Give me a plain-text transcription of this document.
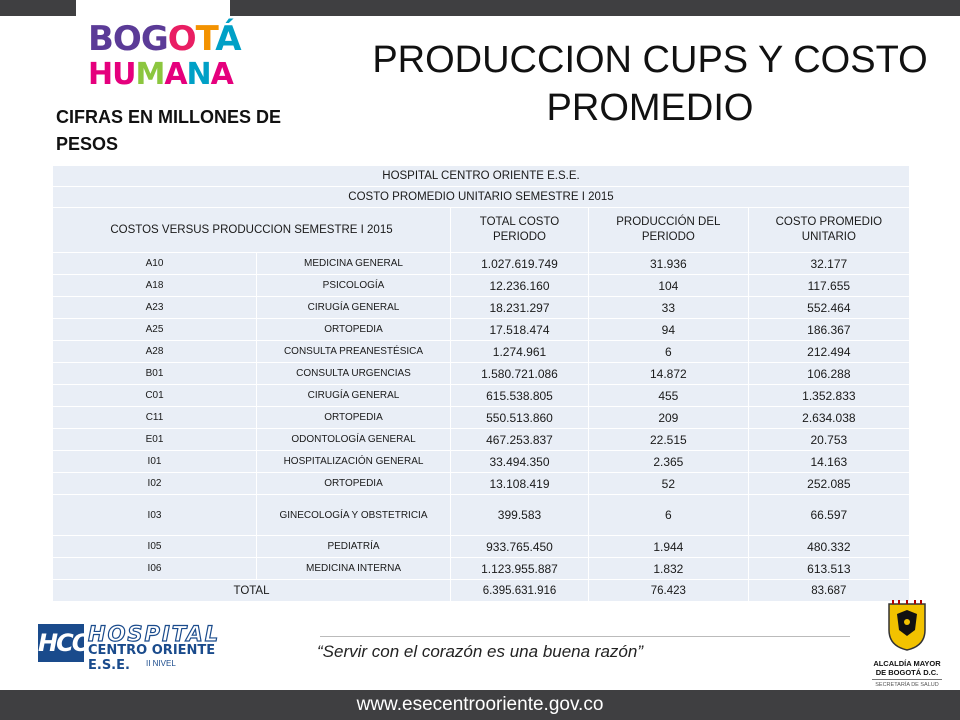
BOGOTÁ
HUMANA	PRODUCCION CUPS Y COSTO PROMEDIO
CIFRAS EN MILLONES DE PESOS
HOSPITAL CENTRO ORIENTE E.S.E.				
COSTO PROMEDIO UNITARIO SEMESTRE I 2015				
COSTOS VERSUS PRODUCCION SEMESTRE I 2015		TOTAL COSTO PERIODO	PRODUCCIÓN DEL PERIODO	COSTO PROMEDIO UNITARIO
A10	MEDICINA GENERAL	1.027.619.749	31.936	32.177
A18	PSICOLOGÍA	12.236.160	104	117.655
A23	CIRUGÍA GENERAL	18.231.297	33	552.464
A25	ORTOPEDIA	17.518.474	94	186.367
A28	CONSULTA PREANESTÉSICA	1.274.961	6	212.494
B01	CONSULTA URGENCIAS	1.580.721.086	14.872	106.288
C01	CIRUGÍA GENERAL	615.538.805	455	1.352.833
C11	ORTOPEDIA	550.513.860	209	2.634.038
E01	ODONTOLOGÍA GENERAL	467.253.837	22.515	20.753
I01	HOSPITALIZACIÓN GENERAL	33.494.350	2.365	14.163
I02	ORTOPEDIA	13.108.419	52	252.085
I03	GINECOLOGÍA Y OBSTETRICIA	399.583	6	66.597
I05	PEDIATRÍA	933.765.450	1.944	480.332
I06	MEDICINA INTERNA	1.123.955.887	1.832	613.513
TOTAL		6.395.631.916	76.423	83.687
HCO
HOSPITAL
CENTRO ORIENTE E.S.E.	II NIVEL
“Servir con el corazón es una buena razón”
ALCALDÍA MAYOR
DE BOGOTÁ D.C.
SECRETARÍA DE SALUD
www.esecentrooriente.gov.co
